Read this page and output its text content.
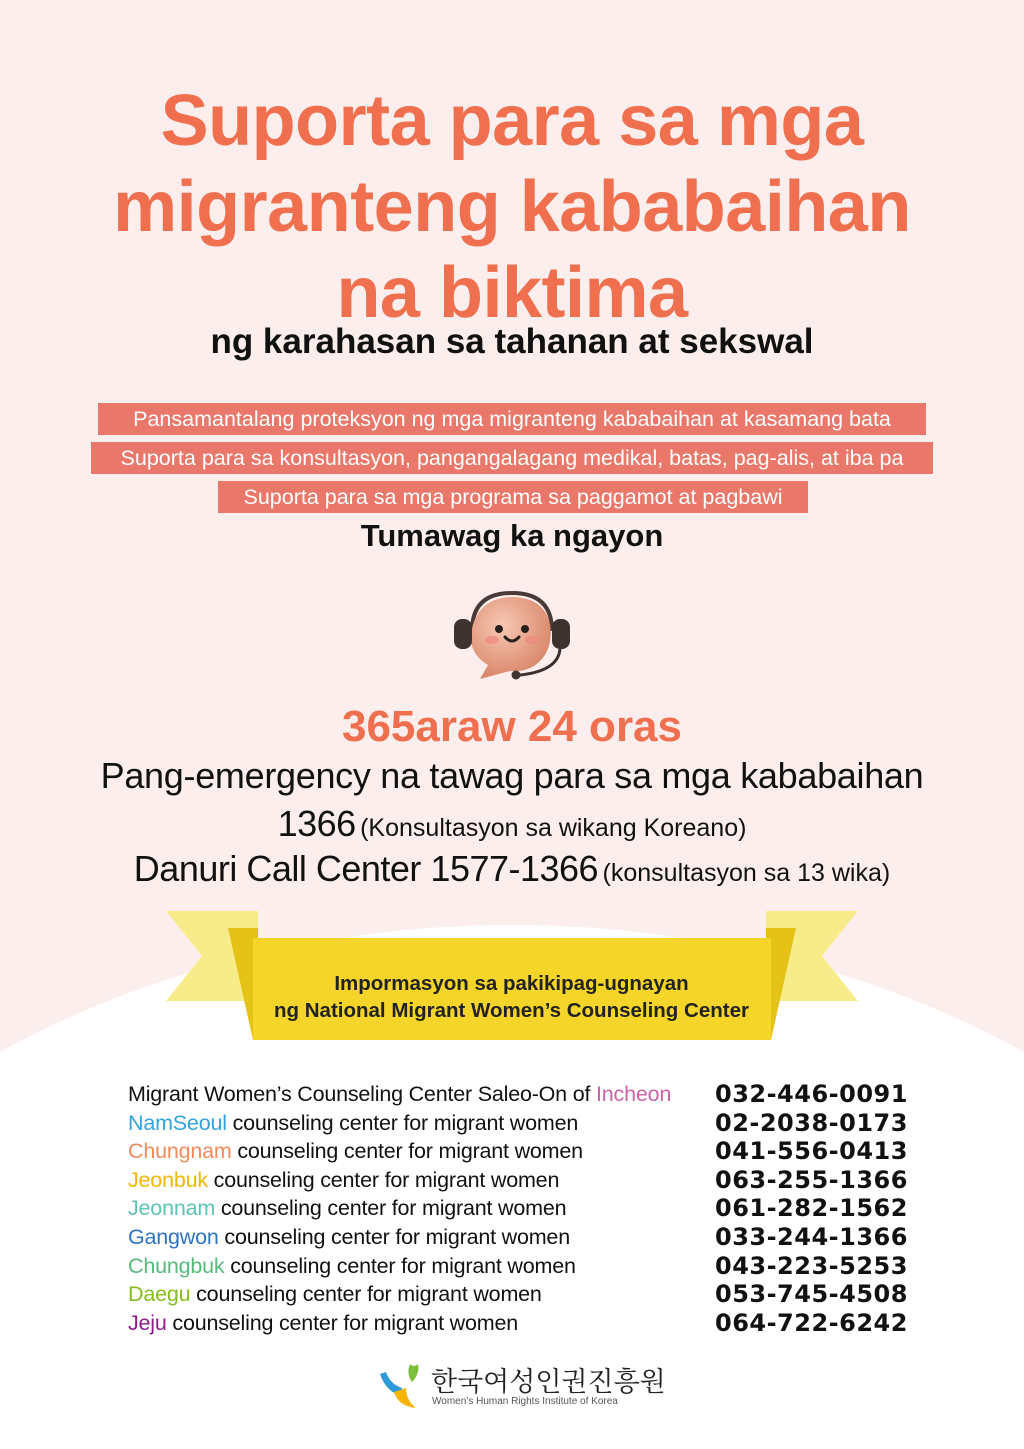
Suporta para sa mga
migranteng kababaihan
na biktima
ng karahasan sa tahanan at sekswal
Pansamantalang proteksyon ng mga migranteng kababaihan at kasamang bata
Suporta para sa konsultasyon, pangangalagang medikal, batas, pag-alis, at iba pa
Suporta para sa mga programa sa paggamot at pagbawi
Tumawag ka ngayon
365araw 24 oras
Pang-emergency na tawag para sa mga kababaihan
1366 (Konsultasyon sa wikang Koreano)
Danuri Call Center 1577-1366 (konsultasyon sa 13 wika)
Impormasyon sa pakikipag-ugnayan
ng National Migrant Women’s Counseling Center
Migrant Women’s Counseling Center Saleo-On of Incheon 032-446-0091
NamSeoul counseling center for migrant women	02-2038-0173
Chungnam counseling center for migrant women	041-556-0413
Jeonbuk counseling center for migrant women	063-255-1366
Jeonnam counseling center for migrant women	061-282-1562
Gangwon counseling center for migrant women	033-244-1366
Chungbuk counseling center for migrant women	043-223-5253
Daegu counseling center for migrant women	053-745-4508
Jeju counseling center for migrant women	064-722-6242
한국여성인권진흥원
Women’s Human Rights Institute of Korea
